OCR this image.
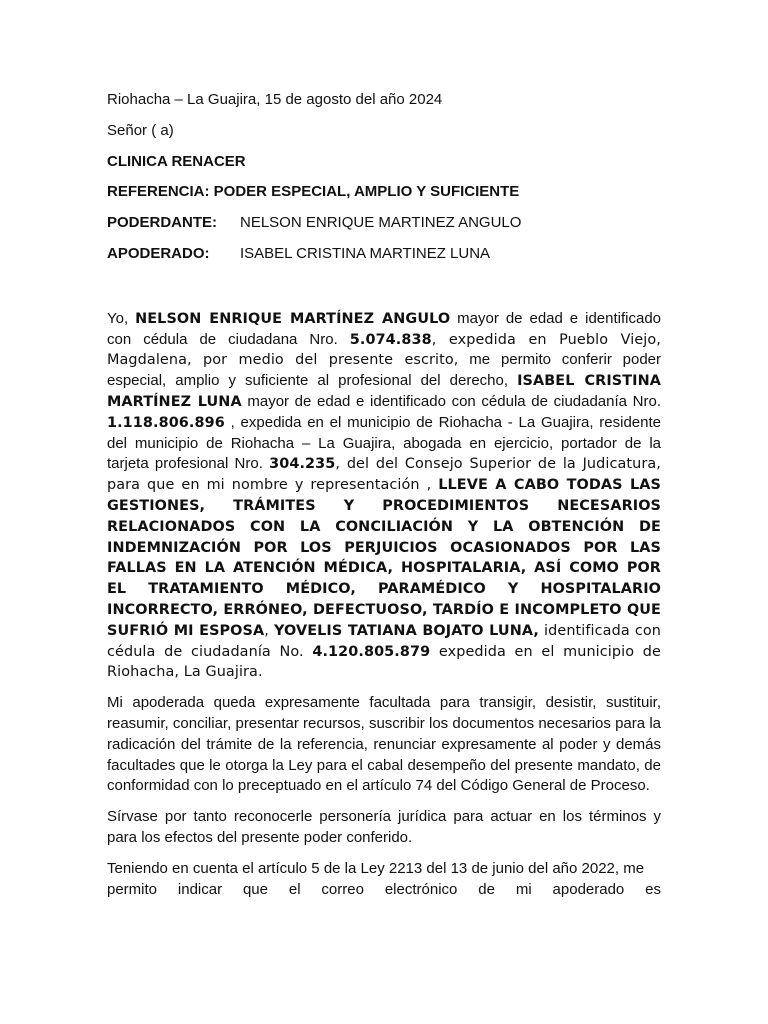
Riohacha – La Guajira, 15 de agosto del año 2024

Señor ( a)

CLINICA RENACER

REFERENCIA: PODER ESPECIAL, AMPLIO Y SUFICIENTE

PODERDANTE:	NELSON ENRIQUE MARTINEZ ANGULO
APODERADO:	ISABEL CRISTINA MARTINEZ LUNA

Yo, NELSON ENRIQUE MARTÍNEZ ANGULO mayor de edad e identificado con cédula de ciudadana Nro. 5.074.838, expedida en Pueblo Viejo, Magdalena, por medio del presente escrito, me permito conferir poder especial, amplio y suficiente al profesional del derecho, ISABEL CRISTINA MARTÍNEZ LUNA mayor de edad e identificado con cédula de ciudadanía Nro. 1.118.806.896 , expedida en el municipio de Riohacha - La Guajira, residente del municipio de Riohacha – La Guajira, abogada en ejercicio, portador de la tarjeta profesional Nro. 304.235, del del Consejo Superior de la Judicatura, para que en mi nombre y representación , LLEVE A CABO TODAS LAS GESTIONES, TRÁMITES Y PROCEDIMIENTOS NECESARIOS RELACIONADOS CON LA CONCILIACIÓN Y LA OBTENCIÓN DE INDEMNIZACIÓN POR LOS PERJUICIOS OCASIONADOS POR LAS FALLAS EN LA ATENCIÓN MÉDICA, HOSPITALARIA, ASÍ COMO POR EL TRATAMIENTO MÉDICO, PARAMÉDICO Y HOSPITALARIO INCORRECTO, ERRÓNEO, DEFECTUOSO, TARDÍO E INCOMPLETO QUE SUFRIÓ MI ESPOSA, YOVELIS TATIANA BOJATO LUNA, identificada con cédula de ciudadanía No. 4.120.805.879 expedida en el municipio de Riohacha, La Guajira.

Mi apoderada queda expresamente facultada para transigir, desistir, sustituir, reasumir, conciliar, presentar recursos, suscribir los documentos necesarios para la radicación del trámite de la referencia, renunciar expresamente al poder y demás facultades que le otorga la Ley para el cabal desempeño del presente mandato, de conformidad con lo preceptuado en el artículo 74 del Código General de Proceso.

Sírvase por tanto reconocerle personería jurídica para actuar en los términos y para los efectos del presente poder conferido.

Teniendo en cuenta el artículo 5 de la Ley 2213 del 13 de junio del año 2022, me

permito indicar que el correo electrónico de mi apoderado es
